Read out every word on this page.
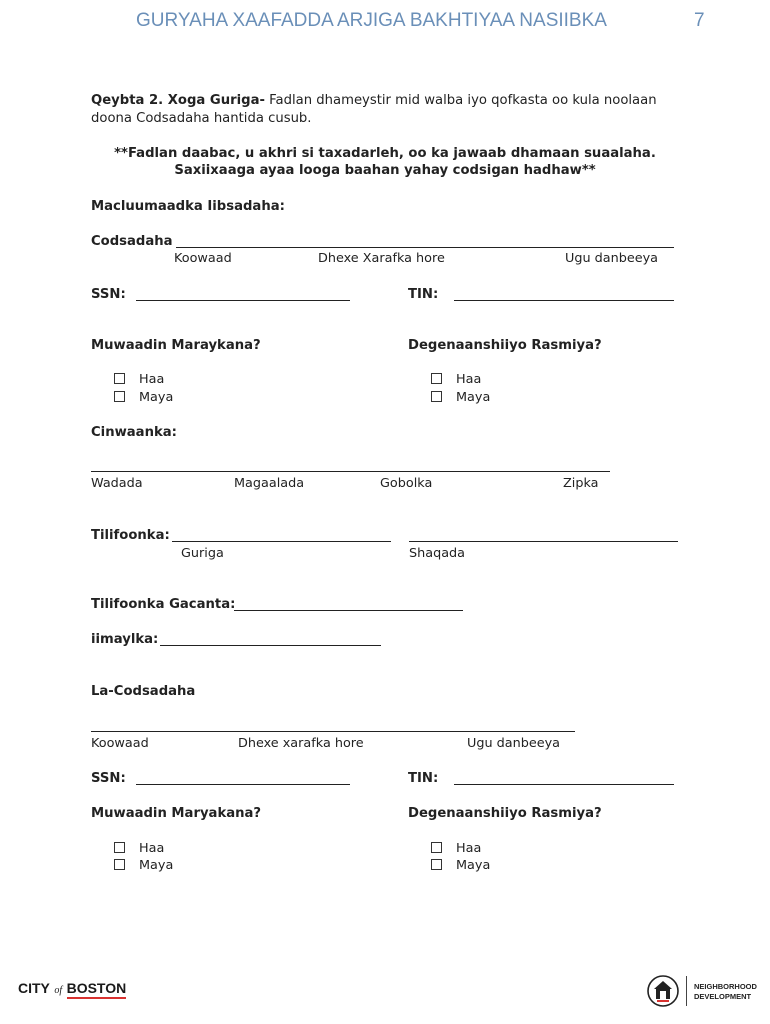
GURYAHA XAAFADDA ARJIGA BAKHTIYAA NASIIBKA	7
Qeybta 2. Xoga Guriga- Fadlan dhameystir mid walba iyo qofkasta oo kula noolaan
doona Codsadaha hantida cusub.
**Fadlan daabac, u akhri si taxadarleh, oo ka jawaab dhamaan suaalaha.
Saxiixaaga ayaa looga baahan yahay codsigan hadhaw**
Macluumaadka Iibsadaha:
Codsadaha
Koowaad	Dhexe Xarafka hore	Ugu danbeeya
SSN:	TIN:
Muwaadin Maraykana?	Degenaanshiiyo Rasmiya?
Haa
Maya
Haa
Maya
Cinwaanka:
Wadada	Magaalada	Gobolka	Zipka
Tilifoonka:
Guriga	Shaqada
Tilifoonka Gacanta:
iimaylka:
La-Codsadaha
Koowaad	Dhexe xarafka hore	Ugu danbeeya
SSN:	TIN:
Muwaadin Maryakana?	Degenaanshiiyo Rasmiya?
Haa
Maya
Haa
Maya
CITY of BOSTON	NEIGHBORHOOD
DEVELOPMENT
